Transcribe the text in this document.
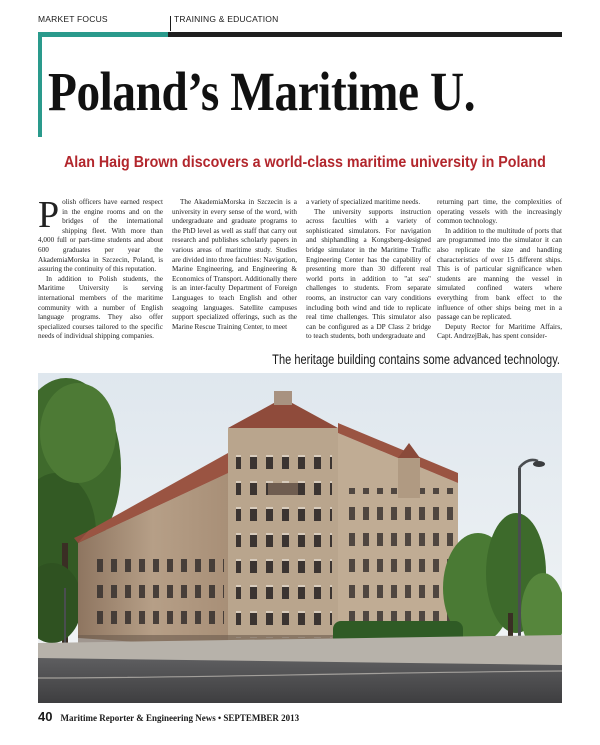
MARKET FOCUS	TRAINING & EDUCATION
Poland’s Maritime U.
Alan Haig Brown discovers a world-class maritime university in Poland

Polish officers have earned respect in the engine rooms and on the bridges of the international shipping fleet. With more than 4,000 full or part-time students and about 600 graduates per year the AkademiaMorska in Szczecin, Poland, is assuring the continuity of this reputation.

In addition to Polish students, the Maritime University is serving international members of the maritime community with a number of English language programs. They also offer specialized courses tailored to the specific needs of individual shipping companies.

The AkademiaMorska in Szczecin is a university in every sense of the word, with undergraduate and graduate programs to the PhD level as well as staff that carry out research and publishes scholarly papers in various areas of maritime study. Studies are divided into three faculties: Navigation, Marine Engineering, and Engineering & Economics of Transport. Additionally there is an inter-faculty Department of Foreign Languages to teach English and other seagoing languages. Satellite campuses support specialized offerings, such as the Marine Rescue Training Center, to meet

a variety of specialized maritime needs.

The university supports instruction across faculties with a variety of sophisticated simulators. For navigation and shiphandling a Kongsberg-designed bridge simulator in the Maritime Traffic Engineering Center has the capability of presenting more than 30 different real world ports in addition to "at sea" challenges to students. From separate rooms, an instructor can vary conditions including both wind and tide to replicate real time challenges. This simulator also can be configured as a DP Class 2 bridge to teach students, both undergraduate and

returning part time, the complexities of operating vessels with the increasingly common technology.

In addition to the multitude of ports that are programmed into the simulator it can also replicate the size and handling characteristics of over 15 different ships. This is of particular significance when students are manning the vessel in simulated confined waters where everything from bank effect to the influence of other ships being met in a passage can be replicated.

Deputy Rector for Maritime Affairs, Capt. AndrzejBak, has spent consider-

The heritage building contains some advanced technology.

40 Maritime Reporter & Engineering News • SEPTEMBER 2013
